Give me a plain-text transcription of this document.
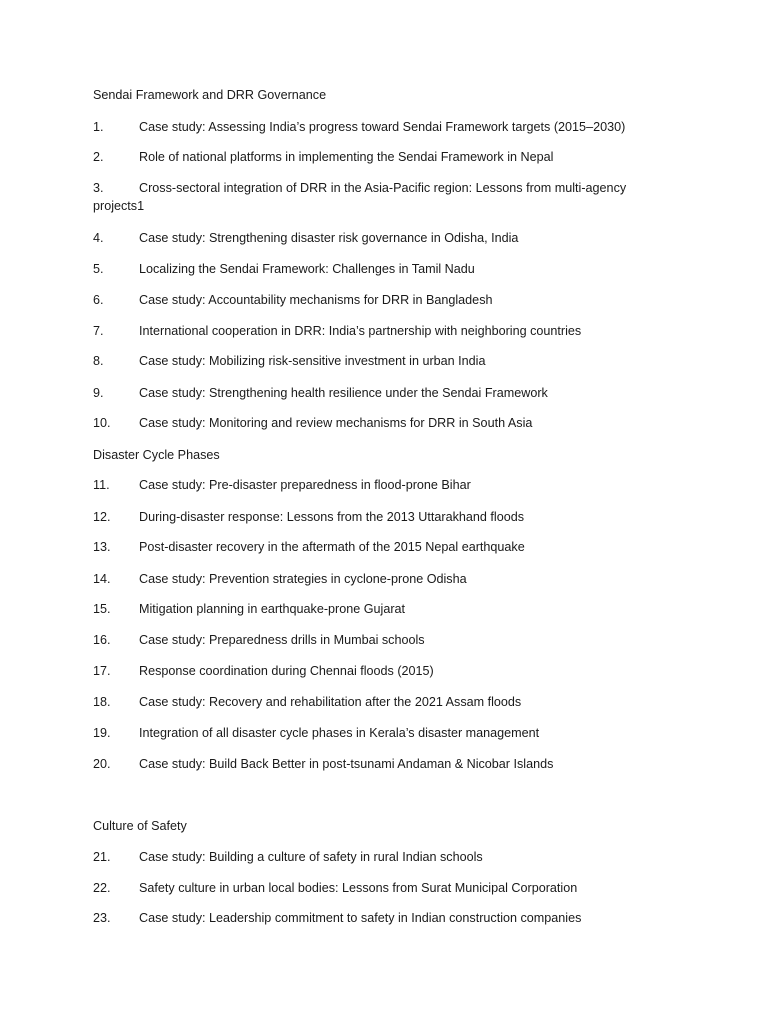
Sendai Framework and DRR Governance
1.	Case study: Assessing India’s progress toward Sendai Framework targets (2015–2030)
2.	Role of national platforms in implementing the Sendai Framework in Nepal
3.	Cross-sectoral integration of DRR in the Asia-Pacific region: Lessons from multi-agency
projects1
4.	Case study: Strengthening disaster risk governance in Odisha, India
5.	Localizing the Sendai Framework: Challenges in Tamil Nadu
6.	Case study: Accountability mechanisms for DRR in Bangladesh
7.	International cooperation in DRR: India’s partnership with neighboring countries
8.	Case study: Mobilizing risk-sensitive investment in urban India
9.	Case study: Strengthening health resilience under the Sendai Framework
10. Case study: Monitoring and review mechanisms for DRR in South Asia
Disaster Cycle Phases
11. Case study: Pre-disaster preparedness in flood-prone Bihar
12. During-disaster response: Lessons from the 2013 Uttarakhand floods
13. Post-disaster recovery in the aftermath of the 2015 Nepal earthquake
14. Case study: Prevention strategies in cyclone-prone Odisha
15. Mitigation planning in earthquake-prone Gujarat
16. Case study: Preparedness drills in Mumbai schools
17. Response coordination during Chennai floods (2015)
18. Case study: Recovery and rehabilitation after the 2021 Assam floods
19. Integration of all disaster cycle phases in Kerala’s disaster management
20. Case study: Build Back Better in post-tsunami Andaman & Nicobar Islands
Culture of Safety
21. Case study: Building a culture of safety in rural Indian schools
22. Safety culture in urban local bodies: Lessons from Surat Municipal Corporation
23. Case study: Leadership commitment to safety in Indian construction companies
